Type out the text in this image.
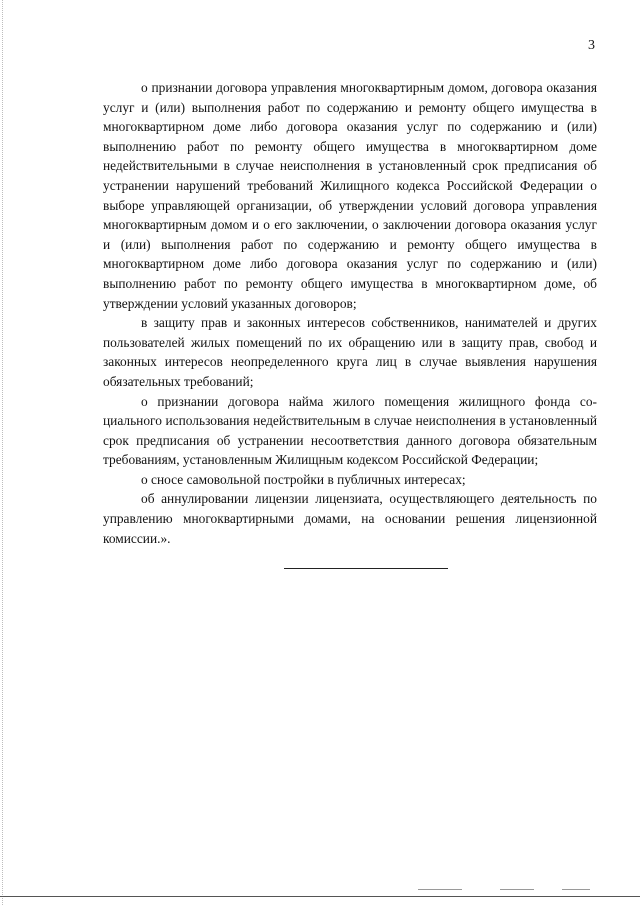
3

о признании договора управления многоквартирным домом, договора оказания услуг и (или) выполнения работ по содержанию и ремонту общего имущества в многоквартирном доме либо договора оказания услуг по содержанию и (или) выполнению работ по ремонту общего имущества в многоквартирном доме недействительными в случае неисполнения в установленный срок предписания об устранении нарушений требований Жилищного кодекса Российской Федерации о выборе управляющей организации, об утверждении условий договора управления многоквартирным домом и о его заключении, о заключении договора оказания услуг и (или) выполнения работ по содержанию и ремонту общего имущества в многоквартирном доме либо договора оказания услуг по содержанию и (или) выполнению работ по ремонту общего имущества в многоквартирном доме, об утверждении условий указанных договоров;

в защиту прав и законных интересов собственников, нанимателей и других пользователей жилых помещений по их обращению или в защиту прав, свобод и законных интересов неопределенного круга лиц в случае выявления нарушения обязательных требований;

о признании договора найма жилого помещения жилищного фонда социального использования недействительным в случае неисполнения в установленный срок предписания об устранении несоответствия данного договора обязательным требованиям, установленным Жилищным кодексом Российской Федерации;

о сносе самовольной постройки в публичных интересах;

об аннулировании лицензии лицензиата, осуществляющего деятельность по управлению многоквартирными домами, на основании решения лицензионной комиссии.».
